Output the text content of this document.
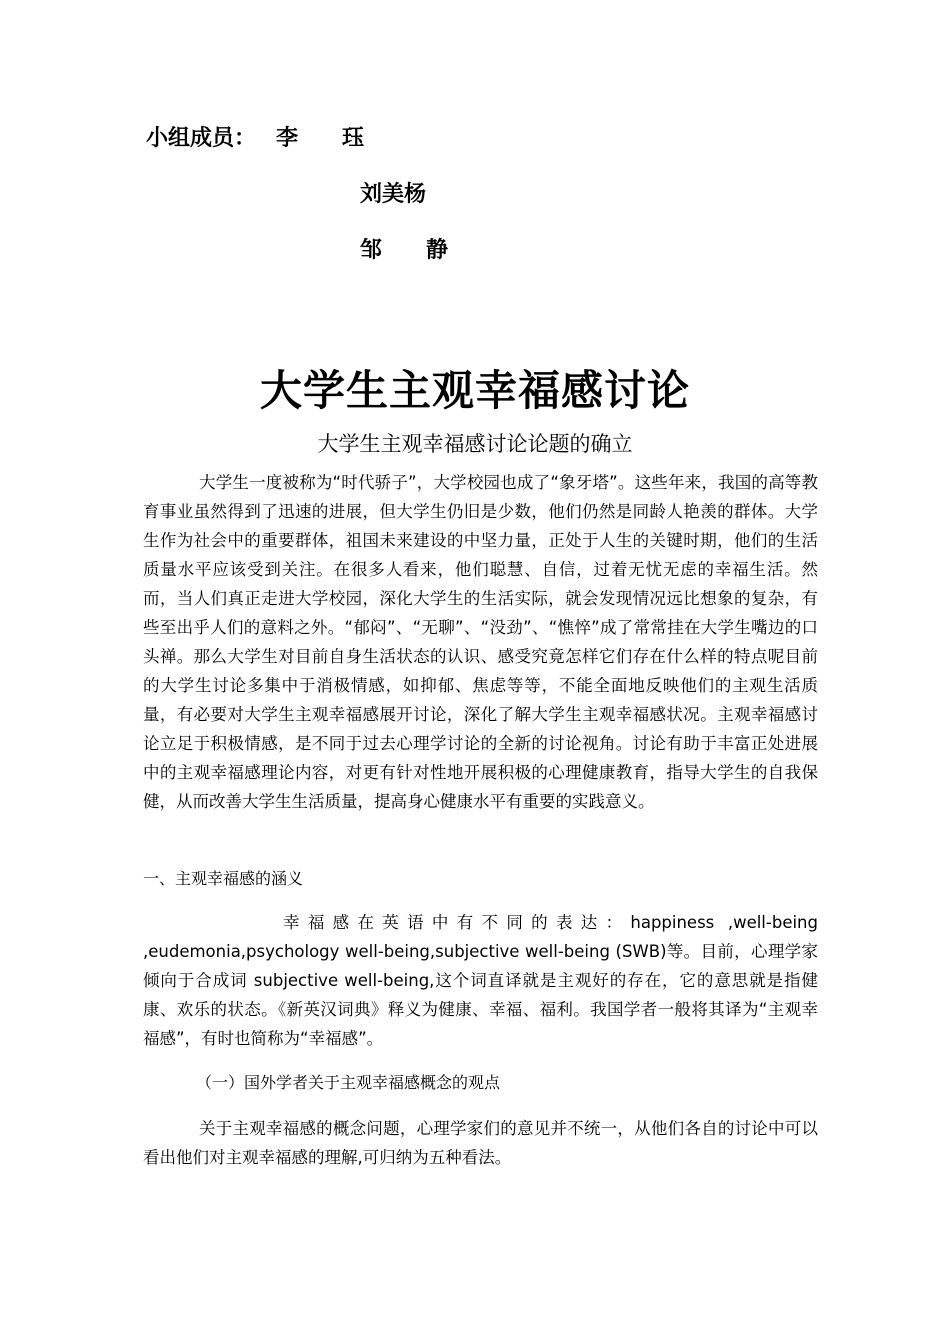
小组成员： 李珏
刘美杨
邹静
大学生主观幸福感讨论
大学生主观幸福感讨论论题的确立

大学生一度被称为“时代骄子”，大学校园也成了“象牙塔”。这些年来，我国的高等教育事业虽然得到了迅速的进展，但大学生仍旧是少数，他们仍然是同龄人艳羡的群体。大学生作为社会中的重要群体，祖国未来建设的中坚力量，正处于人生的关键时期，他们的生活质量水平应该受到关注。在很多人看来，他们聪慧、自信，过着无忧无虑的幸福生活。然而，当人们真正走进大学校园，深化大学生的生活实际，就会发现情况远比想象的复杂，有些至出乎人们的意料之外。“郁闷”、“无聊”、“没劲”、“憔悴”成了常常挂在大学生嘴边的口头禅。那么大学生对目前自身生活状态的认识、感受究竟怎样它们存在什么样的特点呢目前的大学生讨论多集中于消极情感，如抑郁、焦虑等等，不能全面地反映他们的主观生活质量，有必要对大学生主观幸福感展开讨论，深化了解大学生主观幸福感状况。主观幸福感讨论立足于积极情感，是不同于过去心理学讨论的全新的讨论视角。讨论有助于丰富正处进展中的主观幸福感理论内容，对更有针对性地开展积极的心理健康教育，指导大学生的自我保健，从而改善大学生生活质量，提高身心健康水平有重要的实践意义。

一、主观幸福感的涵义

幸福感在英语中有不同的表达：happiness ,well-being ,eudemonia,psychology well-being,subjective well-being (SWB)等。目前，心理学家倾向于合成词 subjective well-being,这个词直译就是主观好的存在，它的意思就是指健康、欢乐的状态。《新英汉词典》释义为健康、幸福、福利。我国学者一般将其译为“主观幸福感”，有时也简称为“幸福感”。

（一）国外学者关于主观幸福感概念的观点

关于主观幸福感的概念问题，心理学家们的意见并不统一，从他们各自的讨论中可以看出他们对主观幸福感的理解,可归纳为五种看法。
